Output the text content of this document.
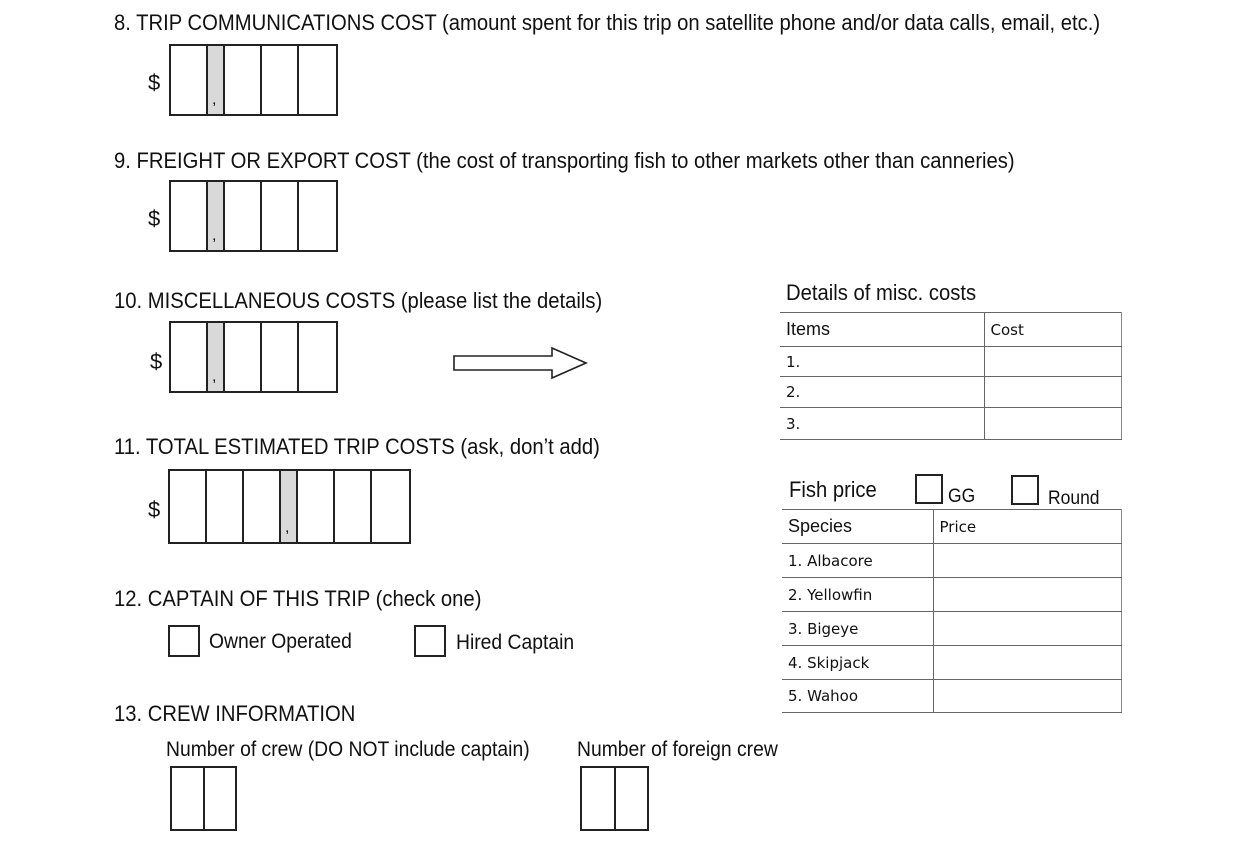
8. TRIP COMMUNICATIONS COST (amount spent for this trip on satellite phone and/or data calls, email, etc.)
$
,
9. FREIGHT OR EXPORT COST (the cost of transporting fish to other markets other than canneries)
$
,
10. MISCELLANEOUS COSTS (please list the details)
$
,
11. TOTAL ESTIMATED TRIP COSTS (ask, don’t add)
$
,
12. CAPTAIN OF THIS TRIP (check one)
Owner Operated	Hired Captain
13. CREW INFORMATION
Number of crew (DO NOT include captain) Number of foreign crew
Details of misc. costs
Items	Cost
1.	
2.	
3.	
Fish price	GG	Round
Species	Price
1. Albacore	
2. Yellowfin	
3. Bigeye	
4. Skipjack	
5. Wahoo	
